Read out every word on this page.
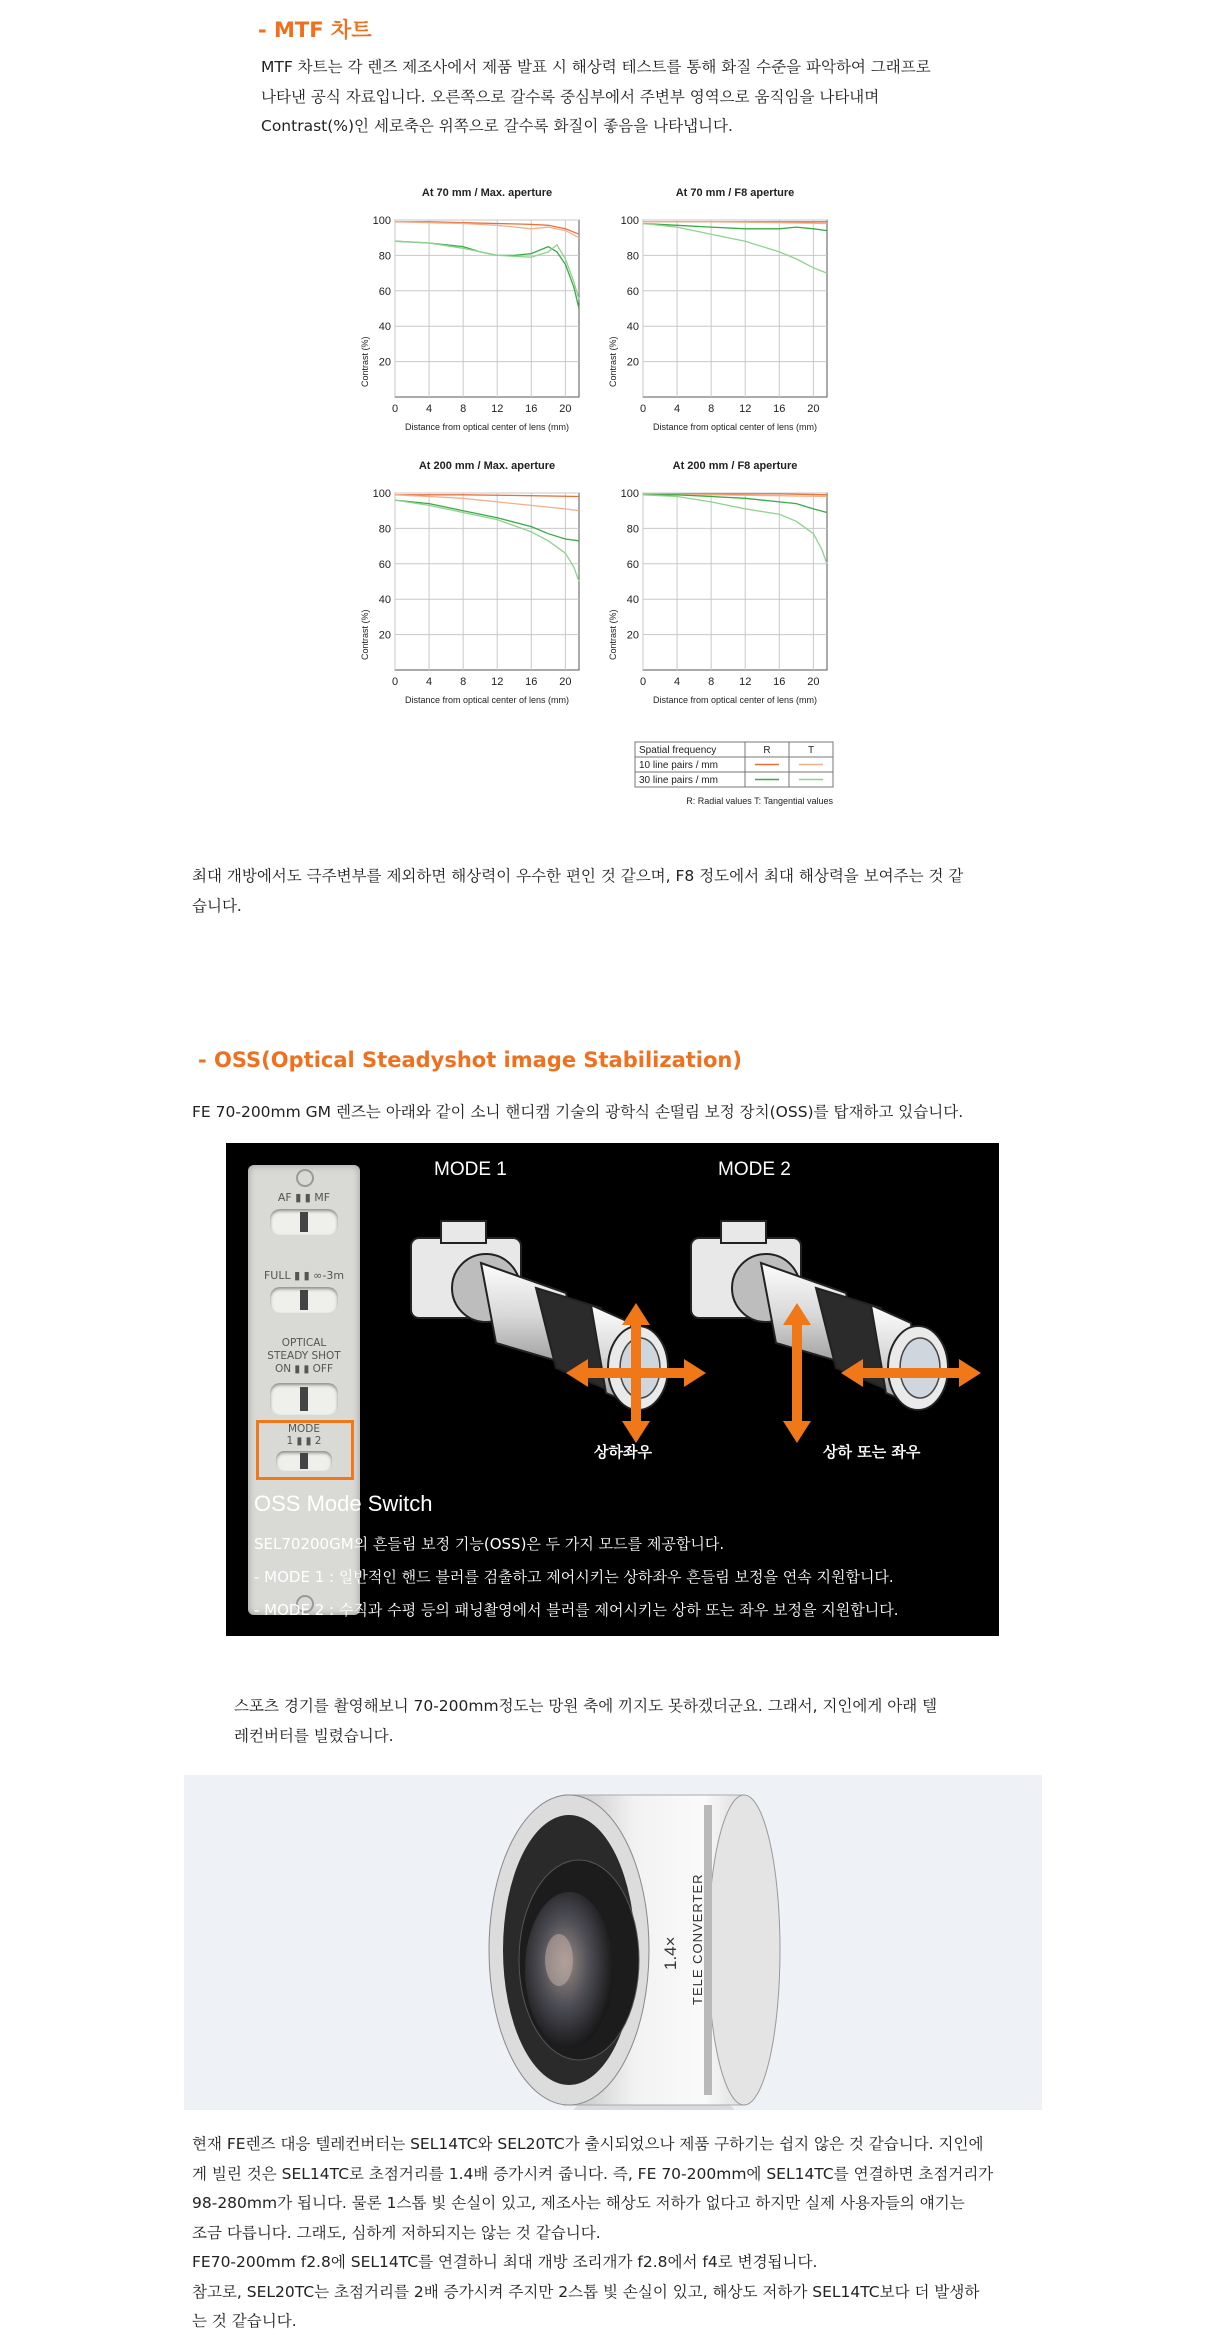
- MTF 차트
MTF 차트는 각 렌즈 제조사에서 제품 발표 시 해상력 테스트를 통해 화질 수준을 파악하여 그래프로
나타낸 공식 자료입니다. 오른쪽으로 갈수록 중심부에서 주변부 영역으로 움직임을 나타내며
Contrast(%)인 세로축은 위쪽으로 갈수록 화질이 좋음을 나타냅니다.
At 70 mm / Max. aperture
20
40
60
80
100
0	4	8 12 16 20
Distance from optical center of lens (mm)
Contrast (%)
At 70 mm / F8 aperture
20
40
60
80
100
0	4	8 12 16 20
Distance from optical center of lens (mm)
Contrast (%)
At 200 mm / Max. aperture
20
40
60
80
100
0	4	8 12 16 20
Distance from optical center of lens (mm)
Contrast (%)
At 200 mm / F8 aperture
20
40
60
80
100
0	4	8 12 16 20
Distance from optical center of lens (mm)
Contrast (%)
Spatial frequency	R	T
10 line pairs / mm
30 line pairs / mm
R: Radial values T: Tangential values
최대 개방에서도 극주변부를 제외하면 해상력이 우수한 편인 것 같으며, F8 정도에서 최대 해상력을 보여주는 것 같
습니다.
- OSS(Optical Steadyshot image Stabilization)
FE 70-200mm GM 렌즈는 아래와 같이 소니 핸디캠 기술의 광학식 손떨림 보정 장치(OSS)를 탑재하고 있습니다.
AF ▮ ▮ MF
FULL ▮ ▮ ∞-3m
OPTICAL
STEADY SHOT
ON ▮ ▮ OFF
MODE
1 ▮ ▮ 2
MODE 1	MODE 2
상하좌우	상하 또는 좌우
OSS Mode Switch
SEL70200GM의 흔들림 보정 기능(OSS)은 두 가지 모드를 제공합니다.
- MODE 1 : 일반적인 핸드 블러를 검출하고 제어시키는 상하좌우 흔들림 보정을 연속 지원합니다.
- MODE 2 : 수직과 수평 등의 패닝촬영에서 블러를 제어시키는 상하 또는 좌우 보정을 지원합니다.
스포츠 경기를 촬영해보니 70-200mm정도는 망원 축에 끼지도 못하겠더군요. 그래서, 지인에게 아래 텔
레컨버터를 빌렸습니다.
1.4× TELE CONVERTER
현재 FE렌즈 대응 텔레컨버터는 SEL14TC와 SEL20TC가 출시되었으나 제품 구하기는 쉽지 않은 것 같습니다. 지인에
게 빌린 것은 SEL14TC로 초점거리를 1.4배 증가시켜 줍니다. 즉, FE 70-200mm에 SEL14TC를 연결하면 초점거리가
98-280mm가 됩니다. 물론 1스톱 빛 손실이 있고, 제조사는 해상도 저하가 없다고 하지만 실제 사용자들의 얘기는
조금 다릅니다. 그래도, 심하게 저하되지는 않는 것 같습니다.
FE70-200mm f2.8에 SEL14TC를 연결하니 최대 개방 조리개가 f2.8에서 f4로 변경됩니다.
참고로, SEL20TC는 초점거리를 2배 증가시켜 주지만 2스톱 빛 손실이 있고, 해상도 저하가 SEL14TC보다 더 발생하
는 것 같습니다.
